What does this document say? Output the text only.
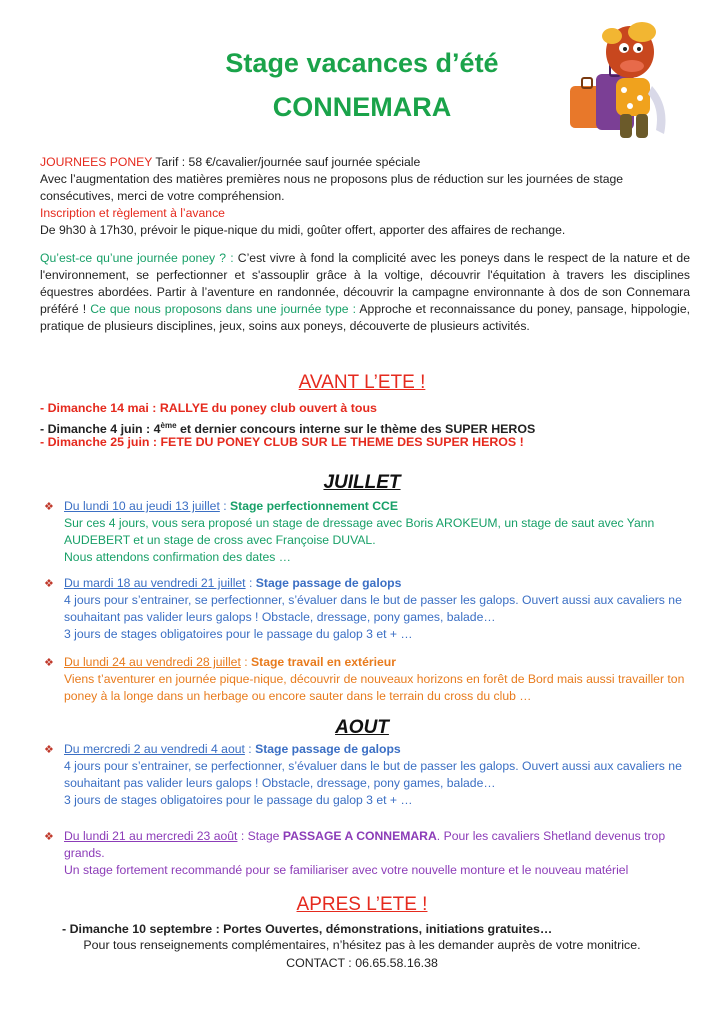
Stage vacances d’été
CONNEMARA
JOURNEES PONEY Tarif : 58 €/cavalier/journée sauf journée spéciale
Avec l’augmentation des matières premières nous ne proposons plus de réduction sur les journées de stage consécutives, merci de votre compréhension.
Inscription et règlement à l’avance
De 9h30 à 17h30, prévoir le pique-nique du midi, goûter offert, apporter des affaires de rechange.
Qu’est-ce qu’une journée poney ? : C’est vivre à fond la complicité avec les poneys dans le respect de la nature et de l'environnement, se perfectionner et s'assouplir grâce à la voltige, découvrir l'équitation à travers les disciplines équestres abordées. Partir à l’aventure en randonnée, découvrir la campagne environnante à dos de son Connemara préféré ! Ce que nous proposons dans une journée type : Approche et reconnaissance du poney, pansage, hippologie, pratique de plusieurs disciplines, jeux, soins aux poneys, découverte de plusieurs activités.
AVANT L’ETE !
- Dimanche 14 mai : RALLYE du poney club ouvert à tous
- Dimanche 4 juin : 4ème et dernier concours interne sur le thème des SUPER HEROS
- Dimanche 25 juin : FETE DU PONEY CLUB SUR LE THEME DES SUPER HEROS !
JUILLET
❖ Du lundi 10 au jeudi 13 juillet : Stage perfectionnement CCE
Sur ces 4 jours, vous sera proposé un stage de dressage avec Boris AROKEUM, un stage de saut avec Yann AUDEBERT et un stage de cross avec Françoise DUVAL.
Nous attendons confirmation des dates …
❖ Du mardi 18 au vendredi 21 juillet : Stage passage de galops
4 jours pour s’entrainer, se perfectionner, s’évaluer dans le but de passer les galops. Ouvert aussi aux cavaliers ne souhaitant pas valider leurs galops ! Obstacle, dressage, pony games, balade…
3 jours de stages obligatoires pour le passage du galop 3 et + …
❖ Du lundi 24 au vendredi 28 juillet : Stage travail en extérieur
Viens t’aventurer en journée pique-nique, découvrir de nouveaux horizons en forêt de Bord mais aussi travailler ton poney à la longe dans un herbage ou encore sauter dans le terrain du cross du club …
AOUT
❖ Du mercredi 2 au vendredi 4 aout : Stage passage de galops
4 jours pour s’entrainer, se perfectionner, s’évaluer dans le but de passer les galops. Ouvert aussi aux cavaliers ne souhaitant pas valider leurs galops ! Obstacle, dressage, pony games, balade…
3 jours de stages obligatoires pour le passage du galop 3 et + …
❖ Du lundi 21 au mercredi 23 août : Stage PASSAGE A CONNEMARA. Pour les cavaliers Shetland devenus trop grands.
Un stage fortement recommandé pour se familiariser avec votre nouvelle monture et le nouveau matériel
APRES L’ETE !
- Dimanche 10 septembre : Portes Ouvertes, démonstrations, initiations gratuites…
Pour tous renseignements complémentaires, n’hésitez pas à les demander auprès de votre monitrice.
CONTACT : 06.65.58.16.38
